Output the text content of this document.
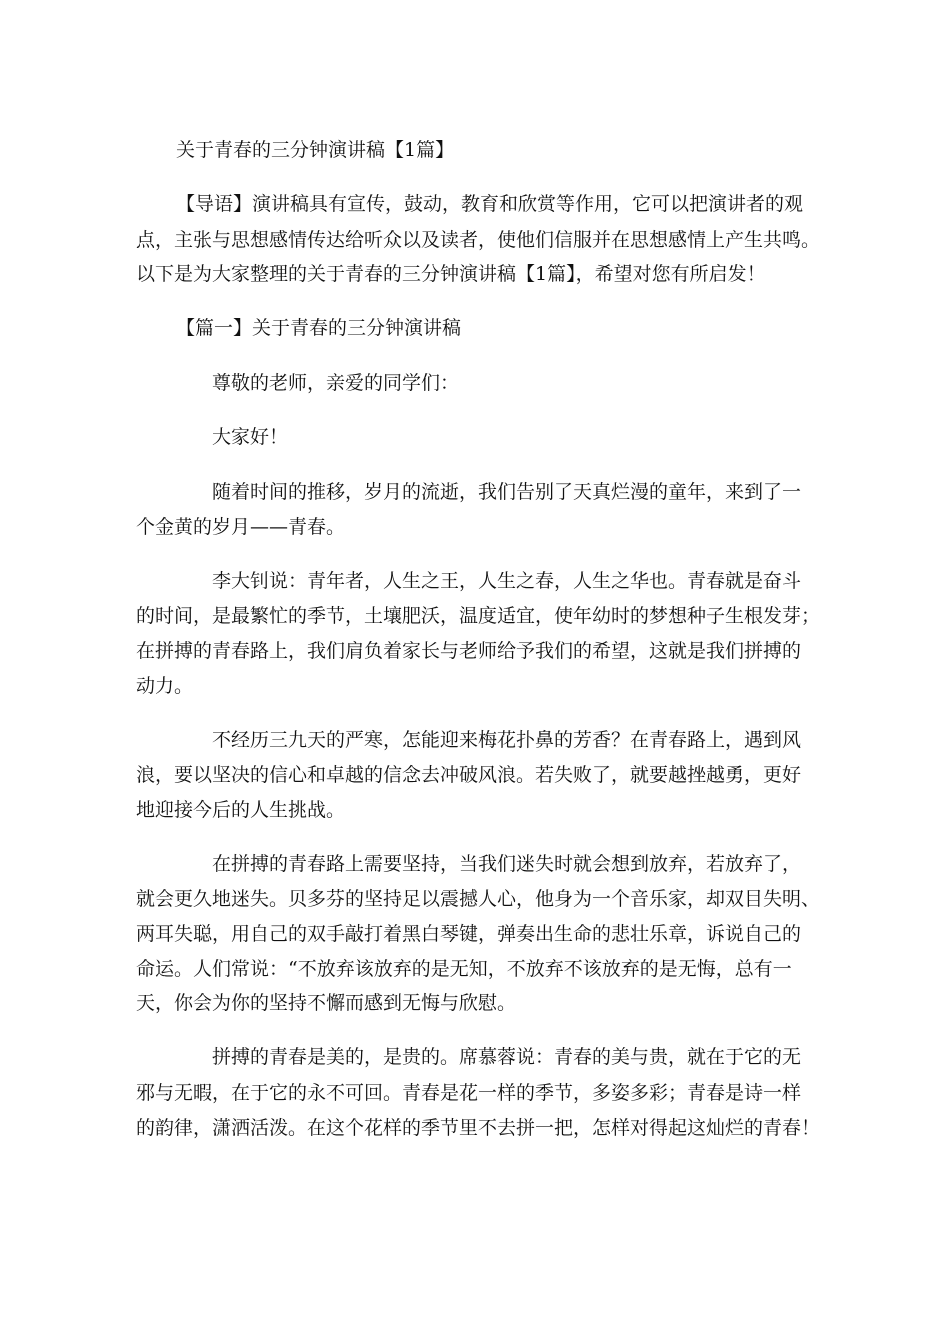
关于青春的三分钟演讲稿【1篇】
【导语】演讲稿具有宣传，鼓动，教育和欣赏等作用，它可以把演讲者的观
点，主张与思想感情传达给听众以及读者，使他们信服并在思想感情上产生共鸣。
以下是为大家整理的关于青春的三分钟演讲稿【1篇】，希望对您有所启发！
【篇一】关于青春的三分钟演讲稿
尊敬的老师，亲爱的同学们：
大家好！
随着时间的推移，岁月的流逝，我们告别了天真烂漫的童年，来到了一
个金黄的岁月——青春。
李大钊说：青年者，人生之王，人生之春，人生之华也。青春就是奋斗
的时间，是最繁忙的季节，土壤肥沃，温度适宜，使年幼时的梦想种子生根发芽；
在拼搏的青春路上，我们肩负着家长与老师给予我们的希望，这就是我们拼搏的
动力。
不经历三九天的严寒，怎能迎来梅花扑鼻的芳香？在青春路上，遇到风
浪，要以坚决的信心和卓越的信念去冲破风浪。若失败了，就要越挫越勇，更好
地迎接今后的人生挑战。
在拼搏的青春路上需要坚持，当我们迷失时就会想到放弃，若放弃了，
就会更久地迷失。贝多芬的坚持足以震撼人心，他身为一个音乐家，却双目失明、
两耳失聪，用自己的双手敲打着黑白琴键，弹奏出生命的悲壮乐章，诉说自己的
命运。人们常说：“不放弃该放弃的是无知，不放弃不该放弃的是无悔，总有一
天，你会为你的坚持不懈而感到无悔与欣慰。
拼搏的青春是美的，是贵的。席慕蓉说：青春的美与贵，就在于它的无
邪与无暇，在于它的永不可回。青春是花一样的季节，多姿多彩；青春是诗一样
的韵律，潇洒活泼。在这个花样的季节里不去拼一把，怎样对得起这灿烂的青春！
